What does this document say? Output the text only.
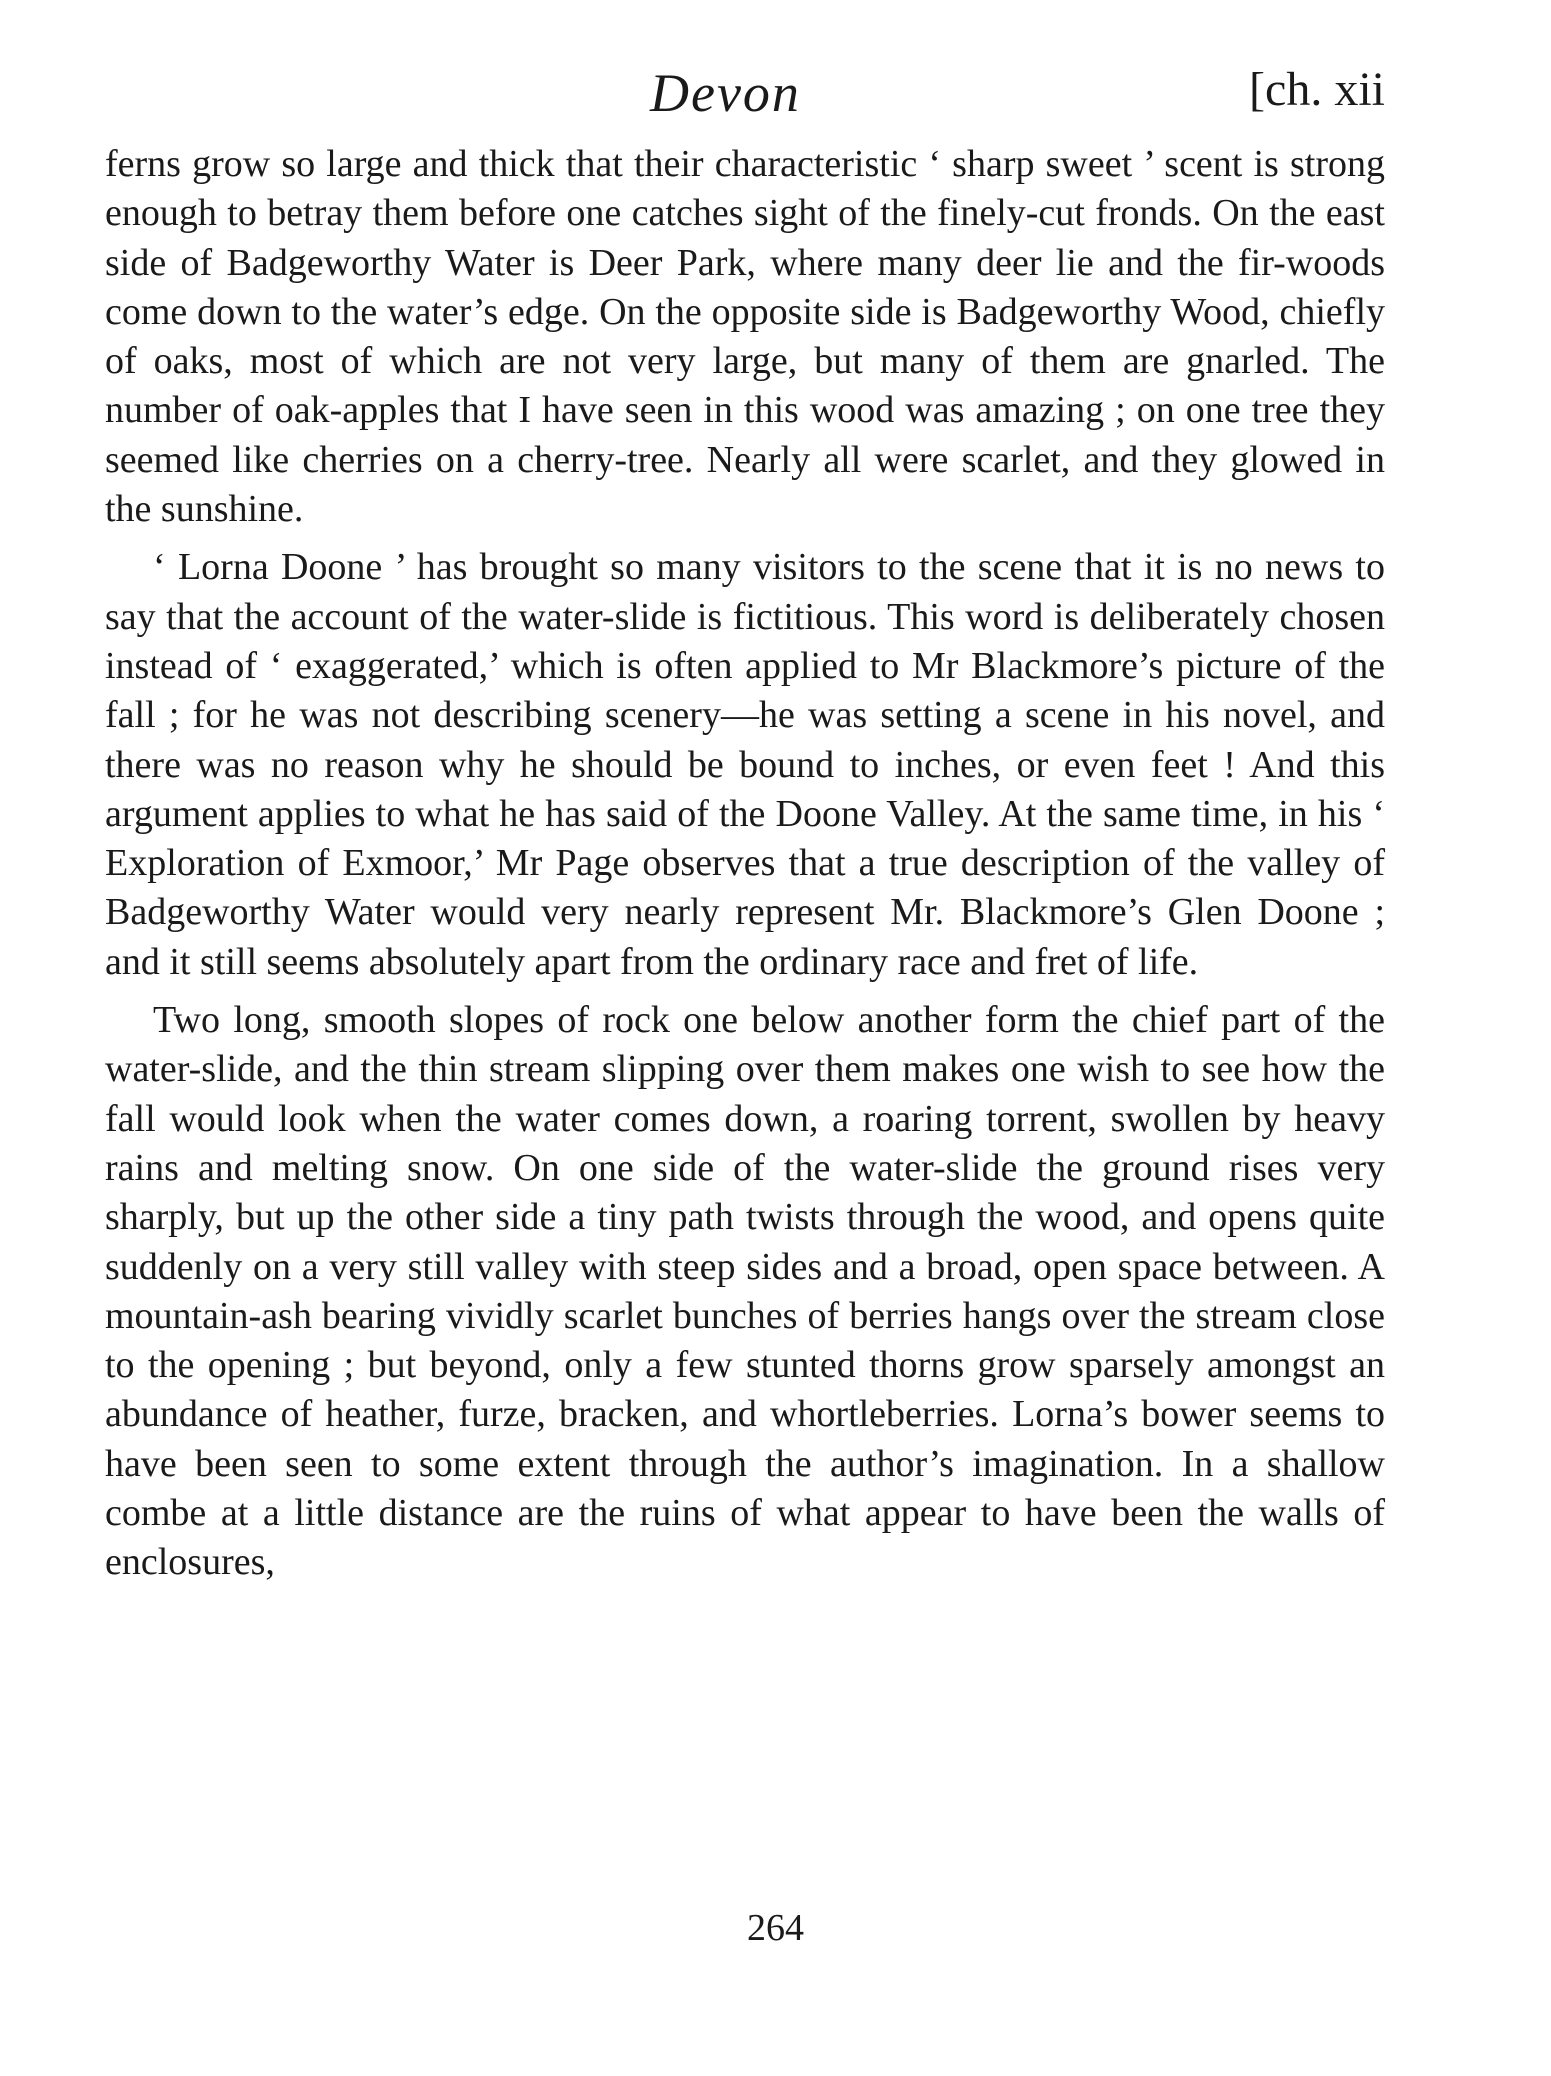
Devon	[ch. xii

ferns grow so large and thick that their characteristic ‘ sharp sweet ’ scent is strong enough to betray them before one catches sight of the finely-cut fronds. On the east side of Badgeworthy Water is Deer Park, where many deer lie and the fir-woods come down to the water’s edge. On the opposite side is Badgeworthy Wood, chiefly of oaks, most of which are not very large, but many of them are gnarled. The number of oak-apples that I have seen in this wood was amazing ; on one tree they seemed like cherries on a cherry-tree. Nearly all were scarlet, and they glowed in the sunshine.

‘ Lorna Doone ’ has brought so many visitors to the scene that it is no news to say that the account of the water-slide is fictitious. This word is deliberately chosen instead of ‘ exaggerated,’ which is often applied to Mr Blackmore’s picture of the fall ; for he was not describing scenery—he was setting a scene in his novel, and there was no reason why he should be bound to inches, or even feet ! And this argument applies to what he has said of the Doone Valley. At the same time, in his ‘ Exploration of Exmoor,’ Mr Page observes that a true description of the valley of Badgeworthy Water would very nearly represent Mr. Blackmore’s Glen Doone ; and it still seems absolutely apart from the ordinary race and fret of life.

Two long, smooth slopes of rock one below another form the chief part of the water-slide, and the thin stream slipping over them makes one wish to see how the fall would look when the water comes down, a roaring torrent, swollen by heavy rains and melting snow. On one side of the water-slide the ground rises very sharply, but up the other side a tiny path twists through the wood, and opens quite suddenly on a very still valley with steep sides and a broad, open space between. A mountain-ash bearing vividly scarlet bunches of berries hangs over the stream close to the opening ; but beyond, only a few stunted thorns grow sparsely amongst an abundance of heather, furze, bracken, and whortleberries. Lorna’s bower seems to have been seen to some extent through the author’s imagination. In a shallow combe at a little distance are the ruins of what appear to have been the walls of enclosures,

264
